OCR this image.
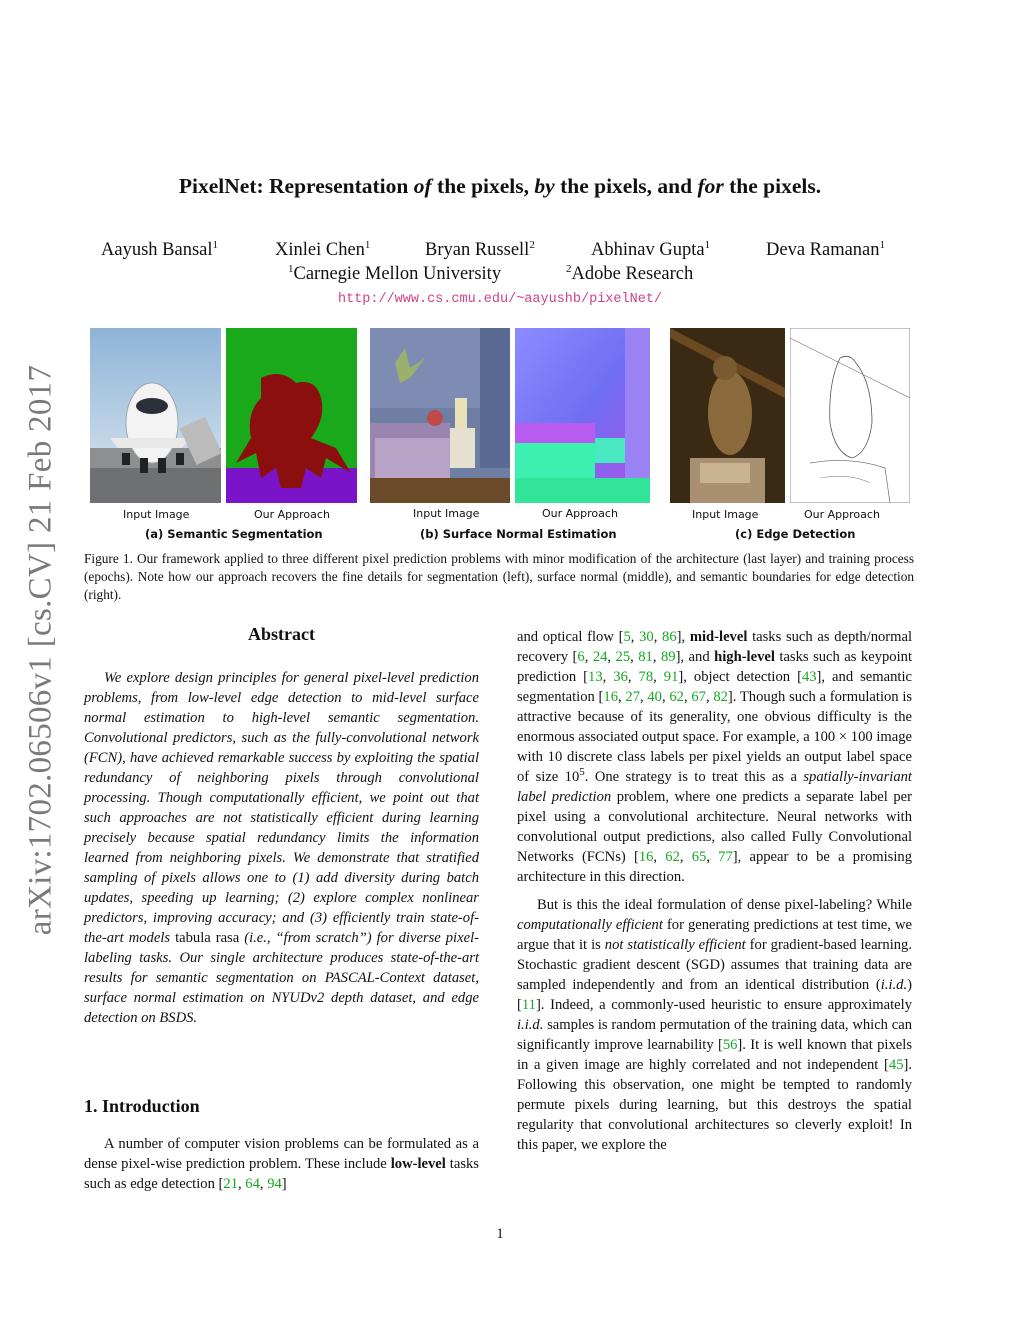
arXiv:1702.06506v1 [cs.CV] 21 Feb 2017
PixelNet: Representation of the pixels, by the pixels, and for the pixels.
Aayush Bansal$^1$	Xinlei Chen$^1$	Bryan Russell$^2$	Abhinav Gupta$^1$	Deva Ramanan$^1$
$^1$Carnegie Mellon University	$^2$Adobe Research
http://www.cs.cmu.edu/~aayushb/pixelNet/
Input Image	Our Approach	Input Image	Our Approach	Input Image	Our Approach
(a) Semantic Segmentation	(b) Surface Normal Estimation	(c) Edge Detection
Figure 1. Our framework applied to three different pixel prediction problems with minor modification of the architecture (last layer) and training process (epochs). Note how our approach recovers the fine details for segmentation (left), surface normal (middle), and semantic boundaries for edge detection (right).
Abstract

We explore design principles for general pixel-level prediction problems, from low-level edge detection to mid-level surface normal estimation to high-level semantic segmentation. Convolutional predictors, such as the fully-convolutional network (FCN), have achieved remarkable success by exploiting the spatial redundancy of neighboring pixels through convolutional processing. Though computationally efficient, we point out that such approaches are not statistically efficient during learning precisely because spatial redundancy limits the information learned from neighboring pixels. We demonstrate that stratified sampling of pixels allows one to (1) add diversity during batch updates, speeding up learning; (2) explore complex nonlinear predictors, improving accuracy; and (3) efficiently train state-of-the-art models tabula rasa (i.e., “from scratch”) for diverse pixel-labeling tasks. Our single architecture produces state-of-the-art results for semantic segmentation on PASCAL-Context dataset, surface normal estimation on NYUDv2 depth dataset, and edge detection on BSDS.

1. Introduction

A number of computer vision problems can be formulated as a dense pixel-wise prediction problem. These include low-level tasks such as edge detection [21, 64, 94]

and optical flow [5, 30, 86], mid-level tasks such as depth/normal recovery [6, 24, 25, 81, 89], and high-level tasks such as keypoint prediction [13, 36, 78, 91], object detection [43], and semantic segmentation [16, 27, 40, 62, 67, 82]. Though such a formulation is attractive because of its generality, one obvious difficulty is the enormous associated output space. For example, a 100 × 100 image with 10 discrete class labels per pixel yields an output label space of size $10^5$. One strategy is to treat this as a spatially-invariant label prediction problem, where one predicts a separate label per pixel using a convolutional architecture. Neural networks with convolutional output predictions, also called Fully Convolutional Networks (FCNs) [16, 62, 65, 77], appear to be a promising architecture in this direction.

But is this the ideal formulation of dense pixel-labeling? While computationally efficient for generating predictions at test time, we argue that it is not statistically efficient for gradient-based learning. Stochastic gradient descent (SGD) assumes that training data are sampled independently and from an identical distribution (i.i.d.) [11]. Indeed, a commonly-used heuristic to ensure approximately i.i.d. samples is random permutation of the training data, which can significantly improve learnability [56]. It is well known that pixels in a given image are highly correlated and not independent [45]. Following this observation, one might be tempted to randomly permute pixels during learning, but this destroys the spatial regularity that convolutional architectures so cleverly exploit! In this paper, we explore the

1
